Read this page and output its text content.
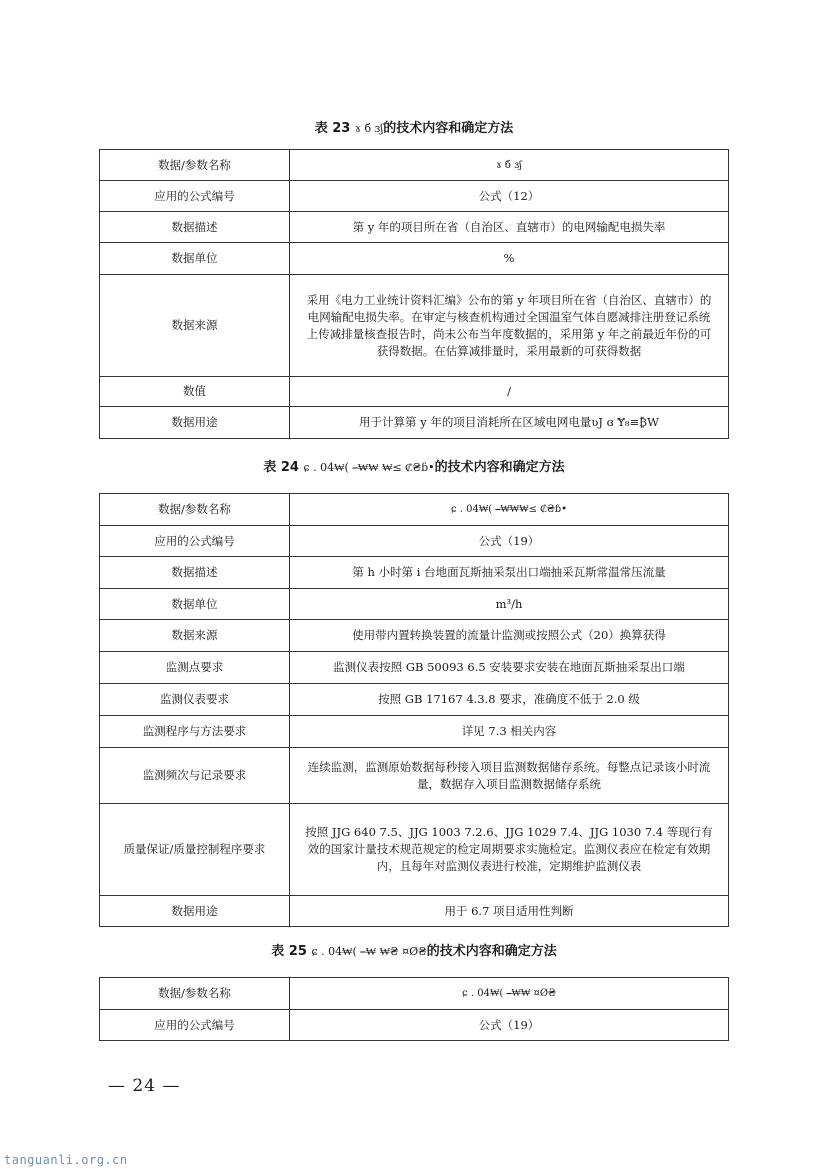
表 23 ɤ б ɜʃ的技术内容和确定方法
数据/参数名称	ɤ б ɜʃ
应用的公式编号	公式（12）
数据描述	第 y 年的项目所在省（自治区、直辖市）的电网输配电损失率
数据单位	%
数据来源	采用《电力工业统计资料汇编》公布的第 y 年项目所在省（自治区、直辖市）的电网输配电损失率。在审定与核查机构通过全国温室气体自愿减排注册登记系统上传减排量核查报告时，尚未公布当年度数据的，采用第 y 年之前最近年份的可获得数据。在估算减排量时，采用最新的可获得数据
数值	/
数据用途	用于计算第 y 年的项目消耗所在区域电网电量ʋJ ɞ Ɏ₈≡₿W
表 24 ɕ . 04₩( ⎯₩₩ ₩≤ ₡₴ɓ•的技术内容和确定方法
数据/参数名称	ɕ . 04₩( ⎯₩₩₩≤ ₡₴ɓ•
应用的公式编号	公式（19）
数据描述	第 h 小时第 i 台地面瓦斯抽采泵出口端抽采瓦斯常温常压流量
数据单位	m³/h
数据来源	使用带内置转换装置的流量计监测或按照公式（20）换算获得
监测点要求	监测仪表按照 GB 50093 6.5 安装要求安装在地面瓦斯抽采泵出口端
监测仪表要求	按照 GB 17167 4.3.8 要求，准确度不低于 2.0 级
监测程序与方法要求	详见 7.3 相关内容
监测频次与记录要求	连续监测，监测原始数据每秒接入项目监测数据储存系统。每整点记录该小时流量，数据存入项目监测数据储存系统
质量保证/质量控制程序要求	按照 JJG 640 7.5、JJG 1003 7.2.6、JJG 1029 7.4、JJG 1030 7.4 等现行有效的国家计量技术规范规定的检定周期要求实施检定。监测仪表应在检定有效期内，且每年对监测仪表进行校准，定期维护监测仪表
数据用途	用于 6.7 项目适用性判断
表 25 ɕ . 04₩( ⎯₩ ₩₴ ¤Ø₴的技术内容和确定方法
数据/参数名称	ɕ . 04₩( ⎯₩₩ ¤Ø₴
应用的公式编号	公式（19）
— 24 —
tanguanli.org.cn
